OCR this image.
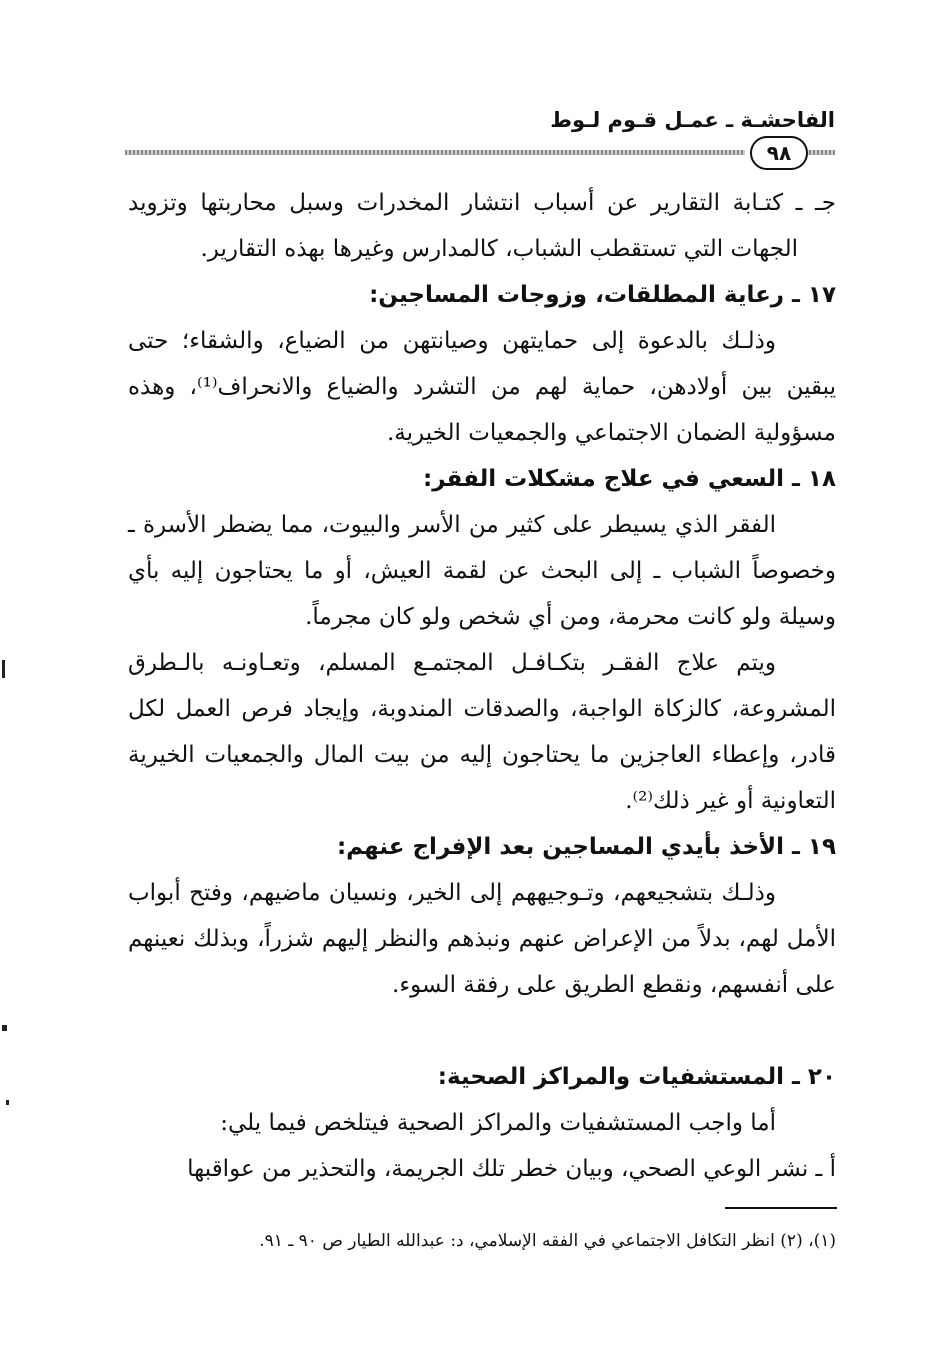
الفاحشـة ـ عمـل قـوم لـوط
٩٨

جـ ـ كتـابة التقارير عن أسباب انتشار المخدرات وسبل محاربتها وتزويد الجهات التي تستقطب الشباب، كالمدارس وغيرها بهذه التقارير.

١٧ ـ رعاية المطلقات، وزوجات المساجين:

وذلـك بالدعوة إلى حمايتهن وصيانتهن من الضياع، والشقاء؛ حتى يبقين بين أولادهن، حماية لهم من التشرد والضياع والانحراف⁽¹⁾، وهذه مسؤولية الضمان الاجتماعي والجمعيات الخيرية.

١٨ ـ السعي في علاج مشكلات الفقر:

الفقر الذي يسيطر على كثير من الأسر والبيوت، مما يضطر الأسرة ـ وخصوصاً الشباب ـ إلى البحث عن لقمة العيش، أو ما يحتاجون إليه بأي وسيلة ولو كانت محرمة، ومن أي شخص ولو كان مجرماً.

ويتم علاج الفقـر بتكـافـل المجتمـع المسلم، وتعـاونـه بالـطرق المشروعة، كالزكاة الواجبة، والصدقات المندوبة، وإيجاد فرص العمل لكل قادر، وإعطاء العاجزين ما يحتاجون إليه من بيت المال والجمعيات الخيرية التعاونية أو غير ذلك⁽²⁾.

١٩ ـ الأخذ بأيدي المساجين بعد الإفراج عنهم:

وذلـك بتشجيعهم، وتـوجيههم إلى الخير، ونسيان ماضيهم، وفتح أبواب الأمل لهم، بدلاً من الإعراض عنهم ونبذهم والنظر إليهم شزراً، وبذلك نعينهم على أنفسهم، ونقطع الطريق على رفقة السوء.

٢٠ ـ المستشفيات والمراكز الصحية:

أما واجب المستشفيات والمراكز الصحية فيتلخص فيما يلي:

أ ـ نشر الوعي الصحي، وبيان خطر تلك الجريمة، والتحذير من عواقبها

(١)، (٢) انظر التكافل الاجتماعي في الفقه الإسلامي، د: عبدالله الطيار ص ٩٠ ـ ٩١.
